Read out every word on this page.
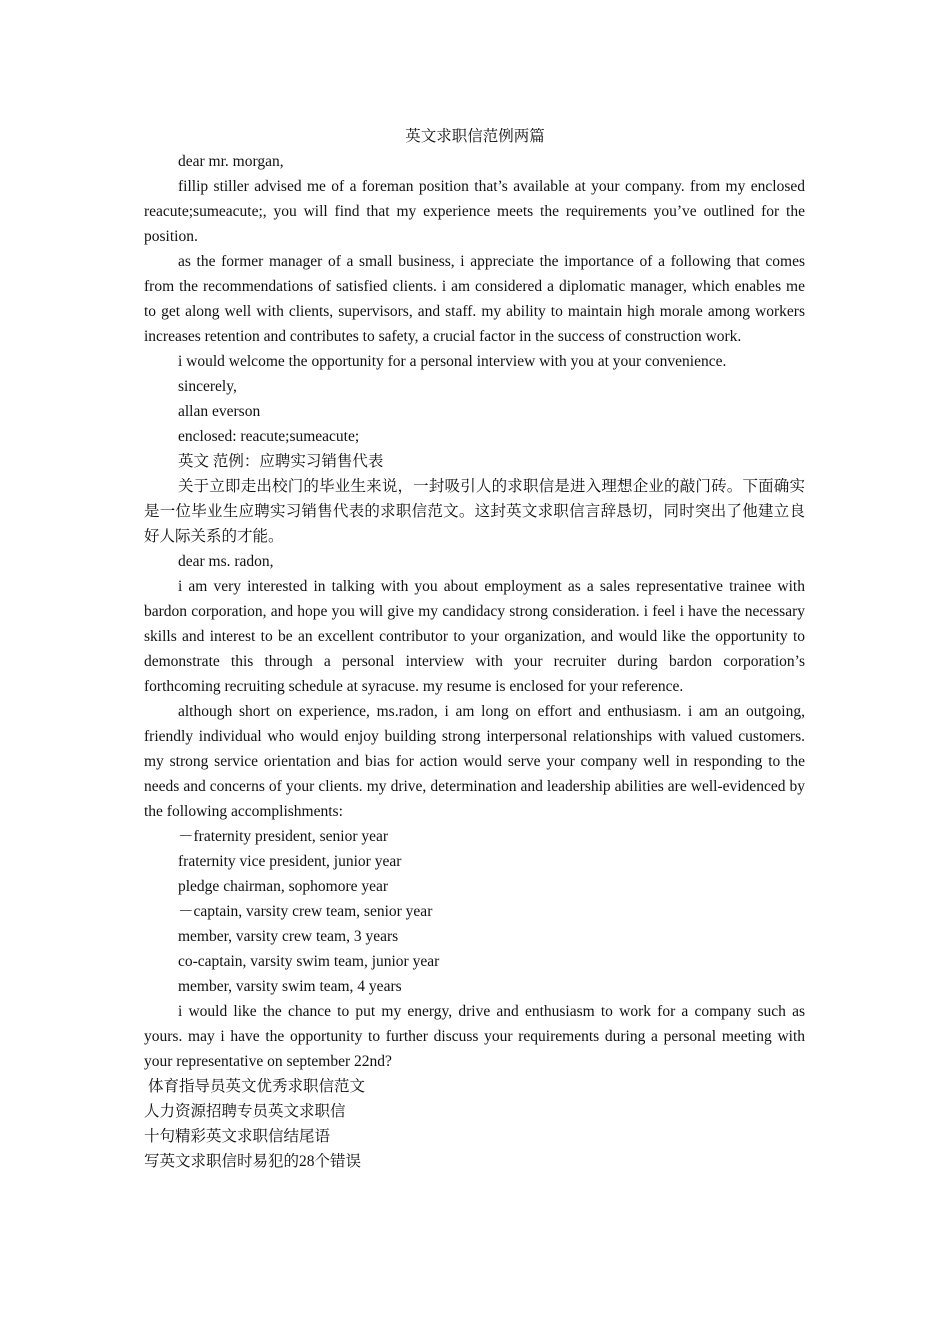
英文求职信范例两篇

dear mr. morgan,

fillip stiller advised me of a foreman position that’s available at your company. from my enclosed reacute;sumeacute;, you will find that my experience meets the requirements you’ve outlined for the position.

as the former manager of a small business, i appreciate the importance of a following that comes from the recommendations of satisfied clients. i am considered a diplomatic manager, which enables me to get along well with clients, supervisors, and staff. my ability to maintain high morale among workers increases retention and contributes to safety, a crucial factor in the success of construction work.

i would welcome the opportunity for a personal interview with you at your convenience.

sincerely,

allan everson

enclosed: reacute;sumeacute;

英文 范例：应聘实习销售代表

关于立即走出校门的毕业生来说，一封吸引人的求职信是进入理想企业的敲门砖。下面确实是一位毕业生应聘实习销售代表的求职信范文。这封英文求职信言辞恳切，同时突出了他建立良好人际关系的才能。

dear ms. radon,

i am very interested in talking with you about employment as a sales representative trainee with bardon corporation, and hope you will give my candidacy strong consideration. i feel i have the necessary skills and interest to be an excellent contributor to your organization, and would like the opportunity to demonstrate this through a personal interview with your recruiter during bardon corporation’s forthcoming recruiting schedule at syracuse. my resume is enclosed for your reference.

although short on experience, ms.radon, i am long on effort and enthusiasm. i am an outgoing, friendly individual who would enjoy building strong interpersonal relationships with valued customers. my strong service orientation and bias for action would serve your company well in responding to the needs and concerns of your clients. my drive, determination and leadership abilities are well-evidenced by the following accomplishments:

－fraternity president, senior year

fraternity vice president, junior year

pledge chairman, sophomore year

－captain, varsity crew team, senior year

member, varsity crew team, 3 years

co-captain, varsity swim team, junior year

member, varsity swim team, 4 years

i would like the chance to put my energy, drive and enthusiasm to work for a company such as yours. may i have the opportunity to further discuss your requirements during a personal meeting with your representative on september 22nd?

体育指导员英文优秀求职信范文

人力资源招聘专员英文求职信

十句精彩英文求职信结尾语

写英文求职信时易犯的28个错误
